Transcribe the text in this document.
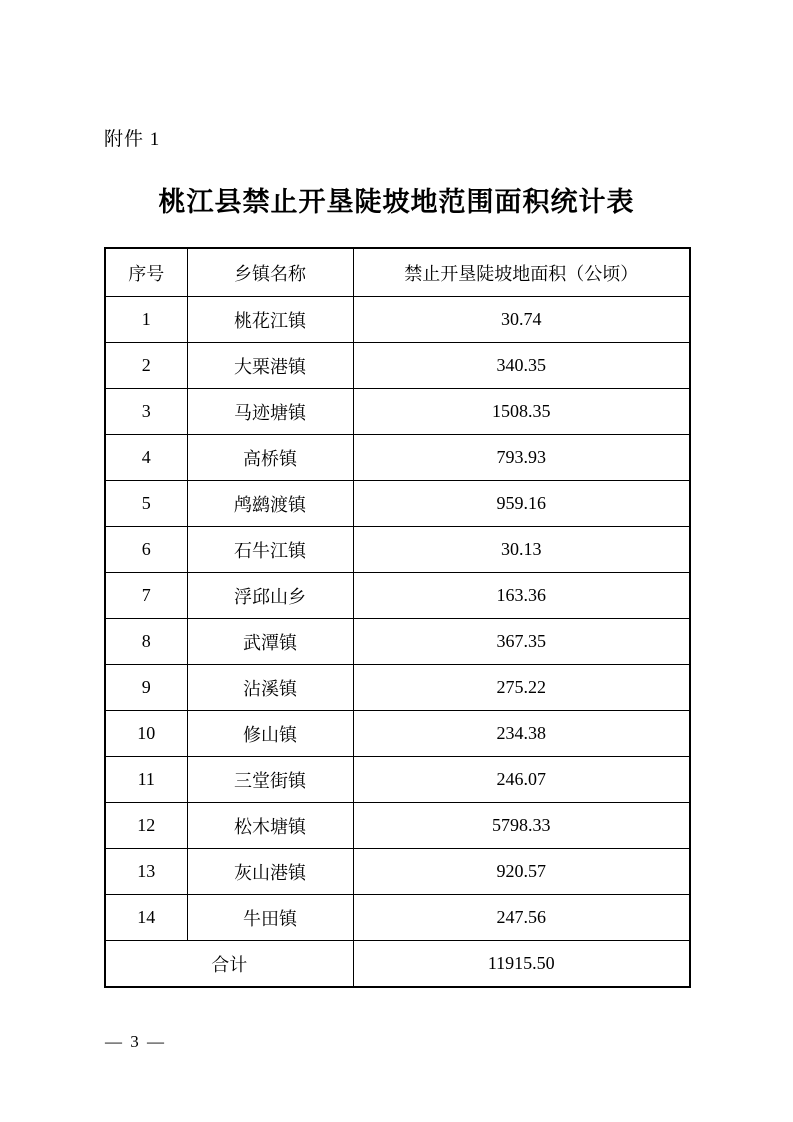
附件 1
桃江县禁止开垦陡坡地范围面积统计表
序号	乡镇名称	禁止开垦陡坡地面积（公顷）
1	桃花江镇	30.74
2	大栗港镇	340.35
3	马迹塘镇	1508.35
4	高桥镇	793.93
5	鸬鹚渡镇	959.16
6	石牛江镇	30.13
7	浮邱山乡	163.36
8	武潭镇	367.35
9	沾溪镇	275.22
10	修山镇	234.38
11	三堂街镇	246.07
12	松木塘镇	5798.33
13	灰山港镇	920.57
14	牛田镇	247.56
合计		11915.50
— 3 —
